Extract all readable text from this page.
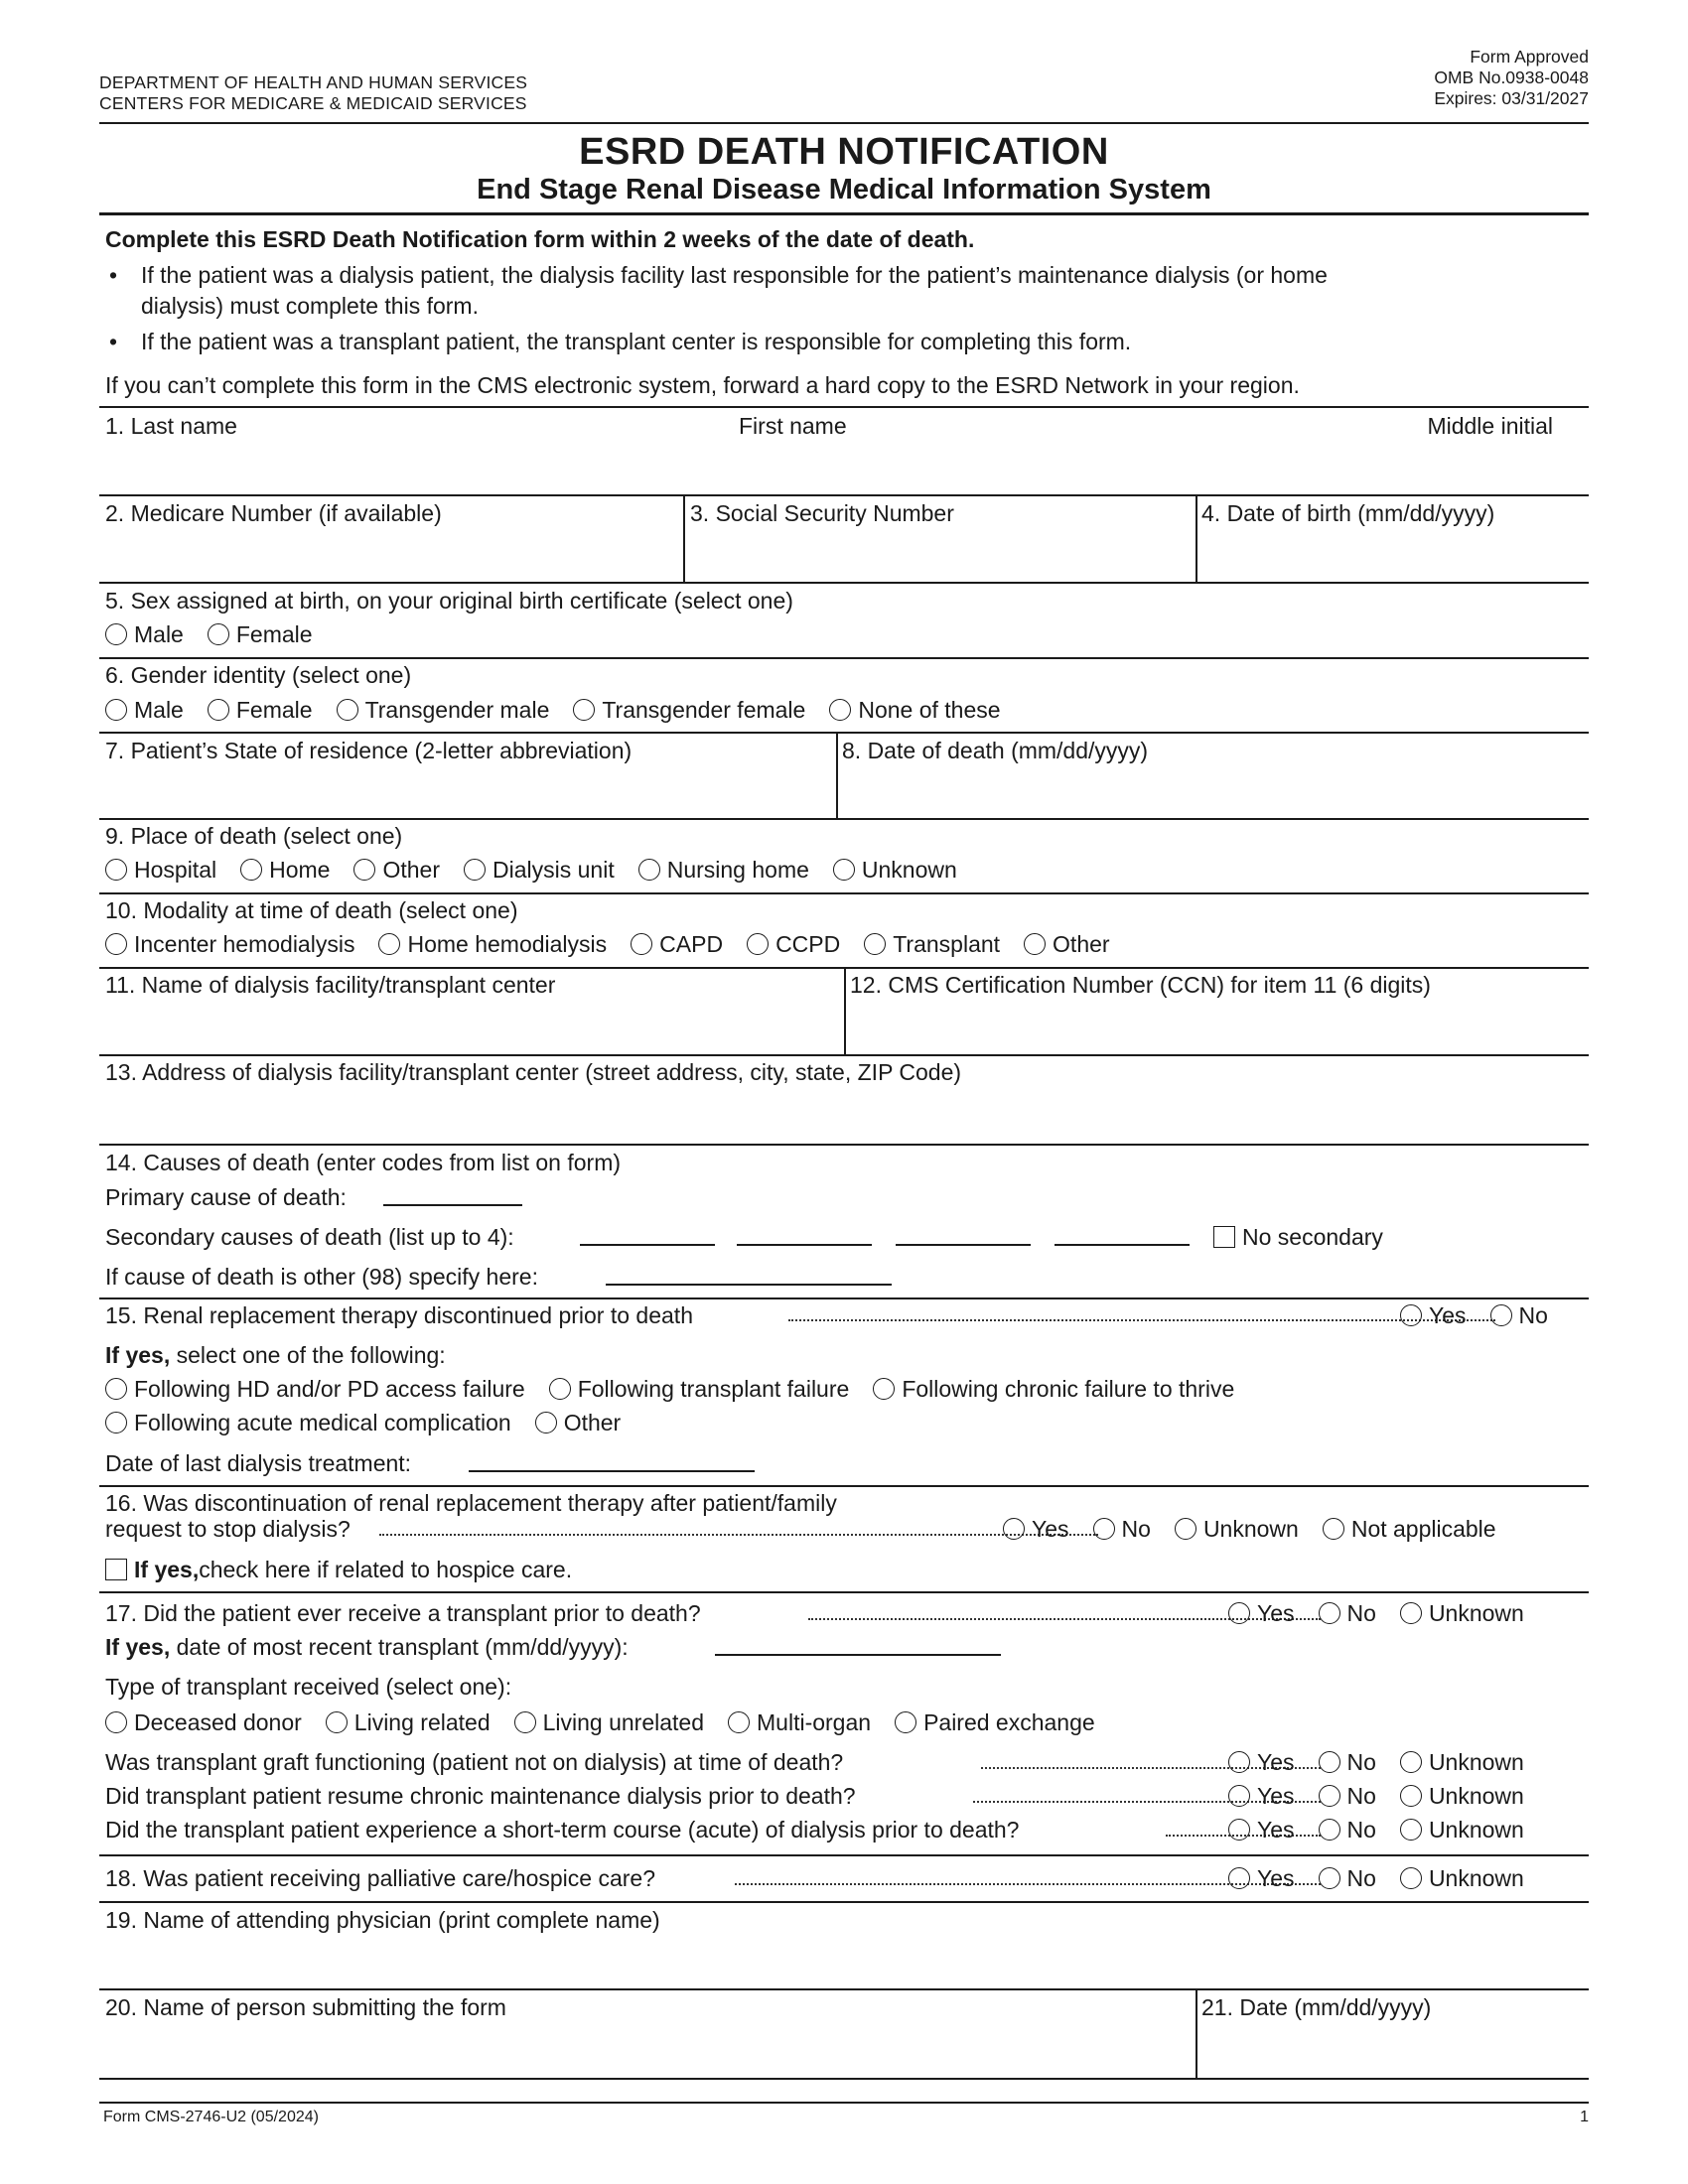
DEPARTMENT OF HEALTH AND HUMAN SERVICES
CENTERS FOR MEDICARE & MEDICAID SERVICES
Form Approved
OMB No.0938-0048
Expires: 03/31/2027
ESRD DEATH NOTIFICATION
End Stage Renal Disease Medical Information System
Complete this ESRD Death Notification form within 2 weeks of the date of death.
• If the patient was a dialysis patient, the dialysis facility last responsible for the patient’s maintenance dialysis (or home
dialysis) must complete this form.
• If the patient was a transplant patient, the transplant center is responsible for completing this form.
If you can’t complete this form in the CMS electronic system, forward a hard copy to the ESRD Network in your region.
1. Last name	First name	Middle initial
2. Medicare Number (if available)	3. Social Security Number	4. Date of birth (mm/dd/yyyy)
5. Sex assigned at birth, on your original birth certificate (select one)
Male Female
6. Gender identity (select one)
Male Female Transgender male Transgender female None of these
7. Patient’s State of residence (2-letter abbreviation)	8. Date of death (mm/dd/yyyy)
9. Place of death (select one)
Hospital Home Other Dialysis unit Nursing home Unknown
10. Modality at time of death (select one)
Incenter hemodialysis Home hemodialysis CAPD CCPD Transplant Other
11. Name of dialysis facility/transplant center	12. CMS Certification Number (CCN) for item 11 (6 digits)
13. Address of dialysis facility/transplant center (street address, city, state, ZIP Code)
14. Causes of death (enter codes from list on form)
Primary cause of death:
Secondary causes of death (list up to 4):	No secondary
If cause of death is other (98) specify here:
15. Renal replacement therapy discontinued prior to death	Yes No
If yes, select one of the following:
Following HD and/or PD access failure Following transplant failure Following chronic failure to thrive
Following acute medical complication Other
Date of last dialysis treatment:
16. Was discontinuation of renal replacement therapy after patient/family
request to stop dialysis?	Yes No Unknown Not applicable
If yes, check here if related to hospice care.
17. Did the patient ever receive a transplant prior to death?	Yes No Unknown
If yes, date of most recent transplant (mm/dd/yyyy):
Type of transplant received (select one):
Deceased donor Living related Living unrelated Multi-organ Paired exchange
Was transplant graft functioning (patient not on dialysis) at time of death?	Yes No Unknown
Did transplant patient resume chronic maintenance dialysis prior to death?	Yes No Unknown
Did the transplant patient experience a short-term course (acute) of dialysis prior to death?	Yes No Unknown
18. Was patient receiving palliative care/hospice care?	Yes No Unknown
19. Name of attending physician (print complete name)
20. Name of person submitting the form	21. Date (mm/dd/yyyy)
Form CMS-2746-U2 (05/2024)	1
